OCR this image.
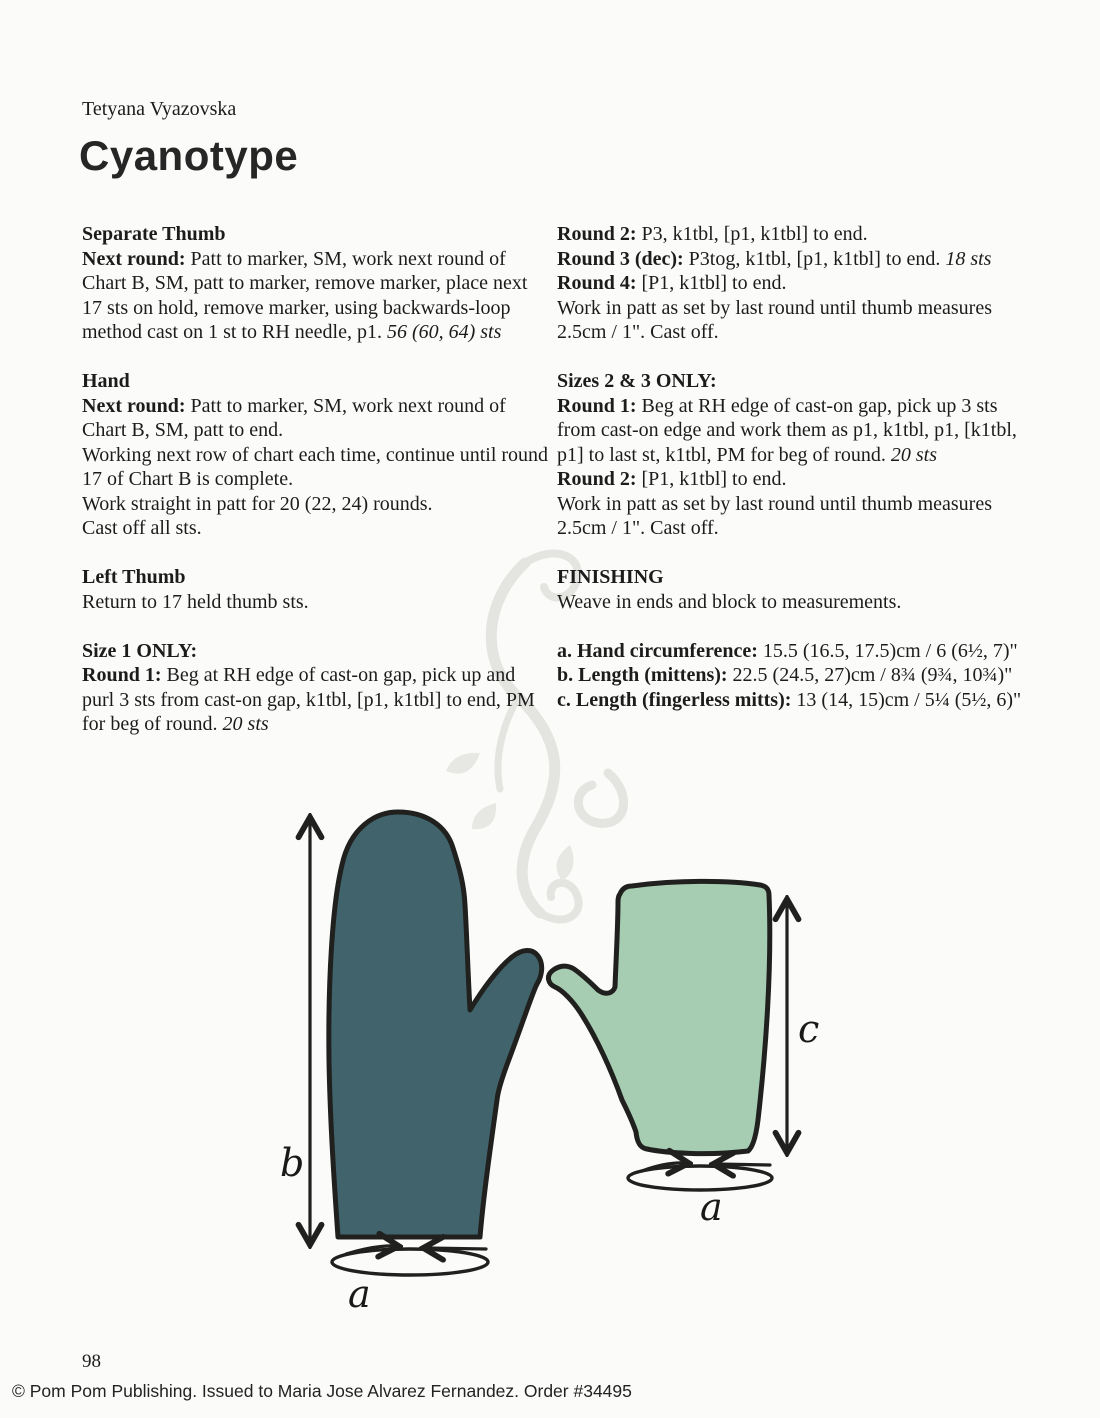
Tetyana Vyazovska
Cyanotype
Separate Thumb

Next round: Patt to marker, SM, work next round of Chart B, SM, patt to marker, remove marker, place next 17 sts on hold, remove marker, using backwards-loop method cast on 1 st to RH needle, p1. 56 (60, 64) sts

Hand

Next round: Patt to marker, SM, work next round of Chart B, SM, patt to end.

Working next row of chart each time, continue until round 17 of Chart B is complete.

Work straight in patt for 20 (22, 24) rounds.

Cast off all sts.

Left Thumb

Return to 17 held thumb sts.

Size 1 ONLY:

Round 1: Beg at RH edge of cast-on gap, pick up and purl 3 sts from cast-on gap, k1tbl, [p1, k1tbl] to end, PM for beg of round. 20 sts

Round 2: P3, k1tbl, [p1, k1tbl] to end.

Round 3 (dec): P3tog, k1tbl, [p1, k1tbl] to end. 18 sts

Round 4: [P1, k1tbl] to end.

Work in patt as set by last round until thumb measures 2.5cm / 1". Cast off.

Sizes 2 & 3 ONLY:

Round 1: Beg at RH edge of cast-on gap, pick up 3 sts from cast-on edge and work them as p1, k1tbl, p1, [k1tbl, p1] to last st, k1tbl, PM for beg of round. 20 sts

Round 2: [P1, k1tbl] to end.

Work in patt as set by last round until thumb measures 2.5cm / 1". Cast off.

FINISHING

Weave in ends and block to measurements.

a. Hand circumference: 15.5 (16.5, 17.5)cm / 6 (6½, 7)"

b. Length (mittens): 22.5 (24.5, 27)cm / 8¾ (9¾, 10¾)"

c. Length (fingerless mitts): 13 (14, 15)cm / 5¼ (5½, 6)"

b
c
a
a
98
© Pom Pom Publishing. Issued to Maria Jose Alvarez Fernandez. Order #34495
